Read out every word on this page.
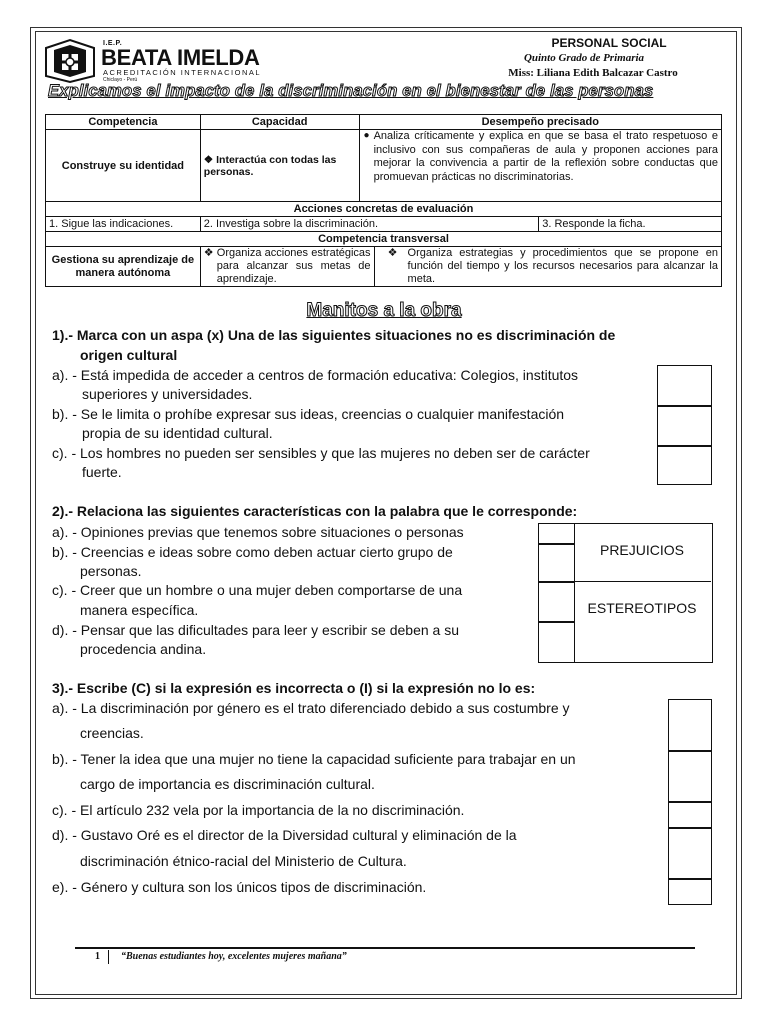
I.E.P.
BEATA IMELDA
ACREDITACIÓN INTERNACIONAL
Chiclayo - Perú
PERSONAL SOCIAL
Quinto Grado de Primaria
Miss: Liliana Edith Balcazar Castro
Explicamos el impacto de la discriminación en el bienestar de las personas
Competencia	Capacidad	Desempeño precisado		
Construye su identidad	❖ Interactúa con todas las personas.	● Analiza críticamente y explica en que se basa el trato respetuoso e inclusivo con sus compañeras de aula y proponen acciones para mejorar la convivencia a partir de la reflexión sobre conductas que promuevan prácticas no discriminatorias.		

Acciones concretas de evaluación				
1. Sigue las indicaciones.	2. Investiga sobre la discriminación.			3. Responde la ficha.
Competencia transversal				
Gestiona su aprendizaje de manera autónoma	❖ Organiza acciones estratégicas para alcanzar sus metas de aprendizaje.		❖ Organiza estrategias y procedimientos que se propone en función del tiempo y los recursos necesarios para alcanzar la meta.	
Manitos a la obra
1).- Marca con un aspa (x) Una de las siguientes situaciones no es discriminación de
origen cultural
a). - Está impedida de acceder a centros de formación educativa: Colegios, institutos
superiores y universidades.
b). - Se le limita o prohíbe expresar sus ideas, creencias o cualquier manifestación
propia de su identidad cultural.
c). - Los hombres no pueden ser sensibles y que las mujeres no deben ser de carácter
fuerte.
2).- Relaciona las siguientes características con la palabra que le corresponde:
a). - Opiniones previas que tenemos sobre situaciones o personas
b). - Creencias e ideas sobre como deben actuar cierto grupo de
personas.
c). - Creer que un hombre o una mujer deben comportarse de una
manera específica.
d). - Pensar que las dificultades para leer y escribir se deben a su
procedencia andina.
PREJUICIOS
ESTEREOTIPOS
3).- Escribe (C) si la expresión es incorrecta o (I) si la expresión no lo es:
a). - La discriminación por género es el trato diferenciado debido a sus costumbre y
creencias.
b). - Tener la idea que una mujer no tiene la capacidad suficiente para trabajar en un
cargo de importancia es discriminación cultural.
c). - El artículo 232 vela por la importancia de la no discriminación.
d). - Gustavo Oré es el director de la Diversidad cultural y eliminación de la
discriminación étnico-racial del Ministerio de Cultura.
e). - Género y cultura son los únicos tipos de discriminación.
1 “Buenas estudiantes hoy, excelentes mujeres mañana”
